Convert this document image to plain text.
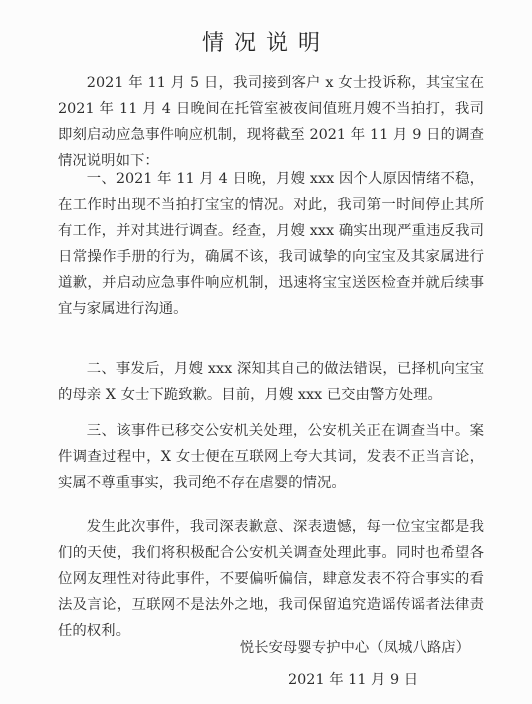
情况说明

2021 年 11 月 5 日，我司接到客户 x 女士投诉称，其宝宝在 2021 年 11 月 4 日晚间在托管室被夜间值班月嫂不当拍打，我司即刻启动应急事件响应机制，现将截至 2021 年 11 月 9 日的调查情况说明如下：

一、2021 年 11 月 4 日晚，月嫂 xxx 因个人原因情绪不稳，在工作时出现不当拍打宝宝的情况。对此，我司第一时间停止其所有工作，并对其进行调查。经查，月嫂 xxx 确实出现严重违反我司日常操作手册的行为，确属不该，我司诚挚的向宝宝及其家属进行道歉，并启动应急事件响应机制，迅速将宝宝送医检查并就后续事宜与家属进行沟通。

二、事发后，月嫂 xxx 深知其自己的做法错误，已择机向宝宝的母亲 X 女士下跪致歉。目前，月嫂 xxx 已交由警方处理。

三、该事件已移交公安机关处理，公安机关正在调查当中。案件调查过程中，X 女士便在互联网上夸大其词，发表不正当言论，实属不尊重事实，我司绝不存在虐婴的情况。

发生此次事件，我司深表歉意、深表遗憾，每一位宝宝都是我们的天使，我们将积极配合公安机关调查处理此事。同时也希望各位网友理性对待此事件，不要偏听偏信，肆意发表不符合事实的看法及言论，互联网不是法外之地，我司保留追究造谣传谣者法律责任的权利。

悦长安母婴专护中心（凤城八路店）
2021 年 11 月 9 日
